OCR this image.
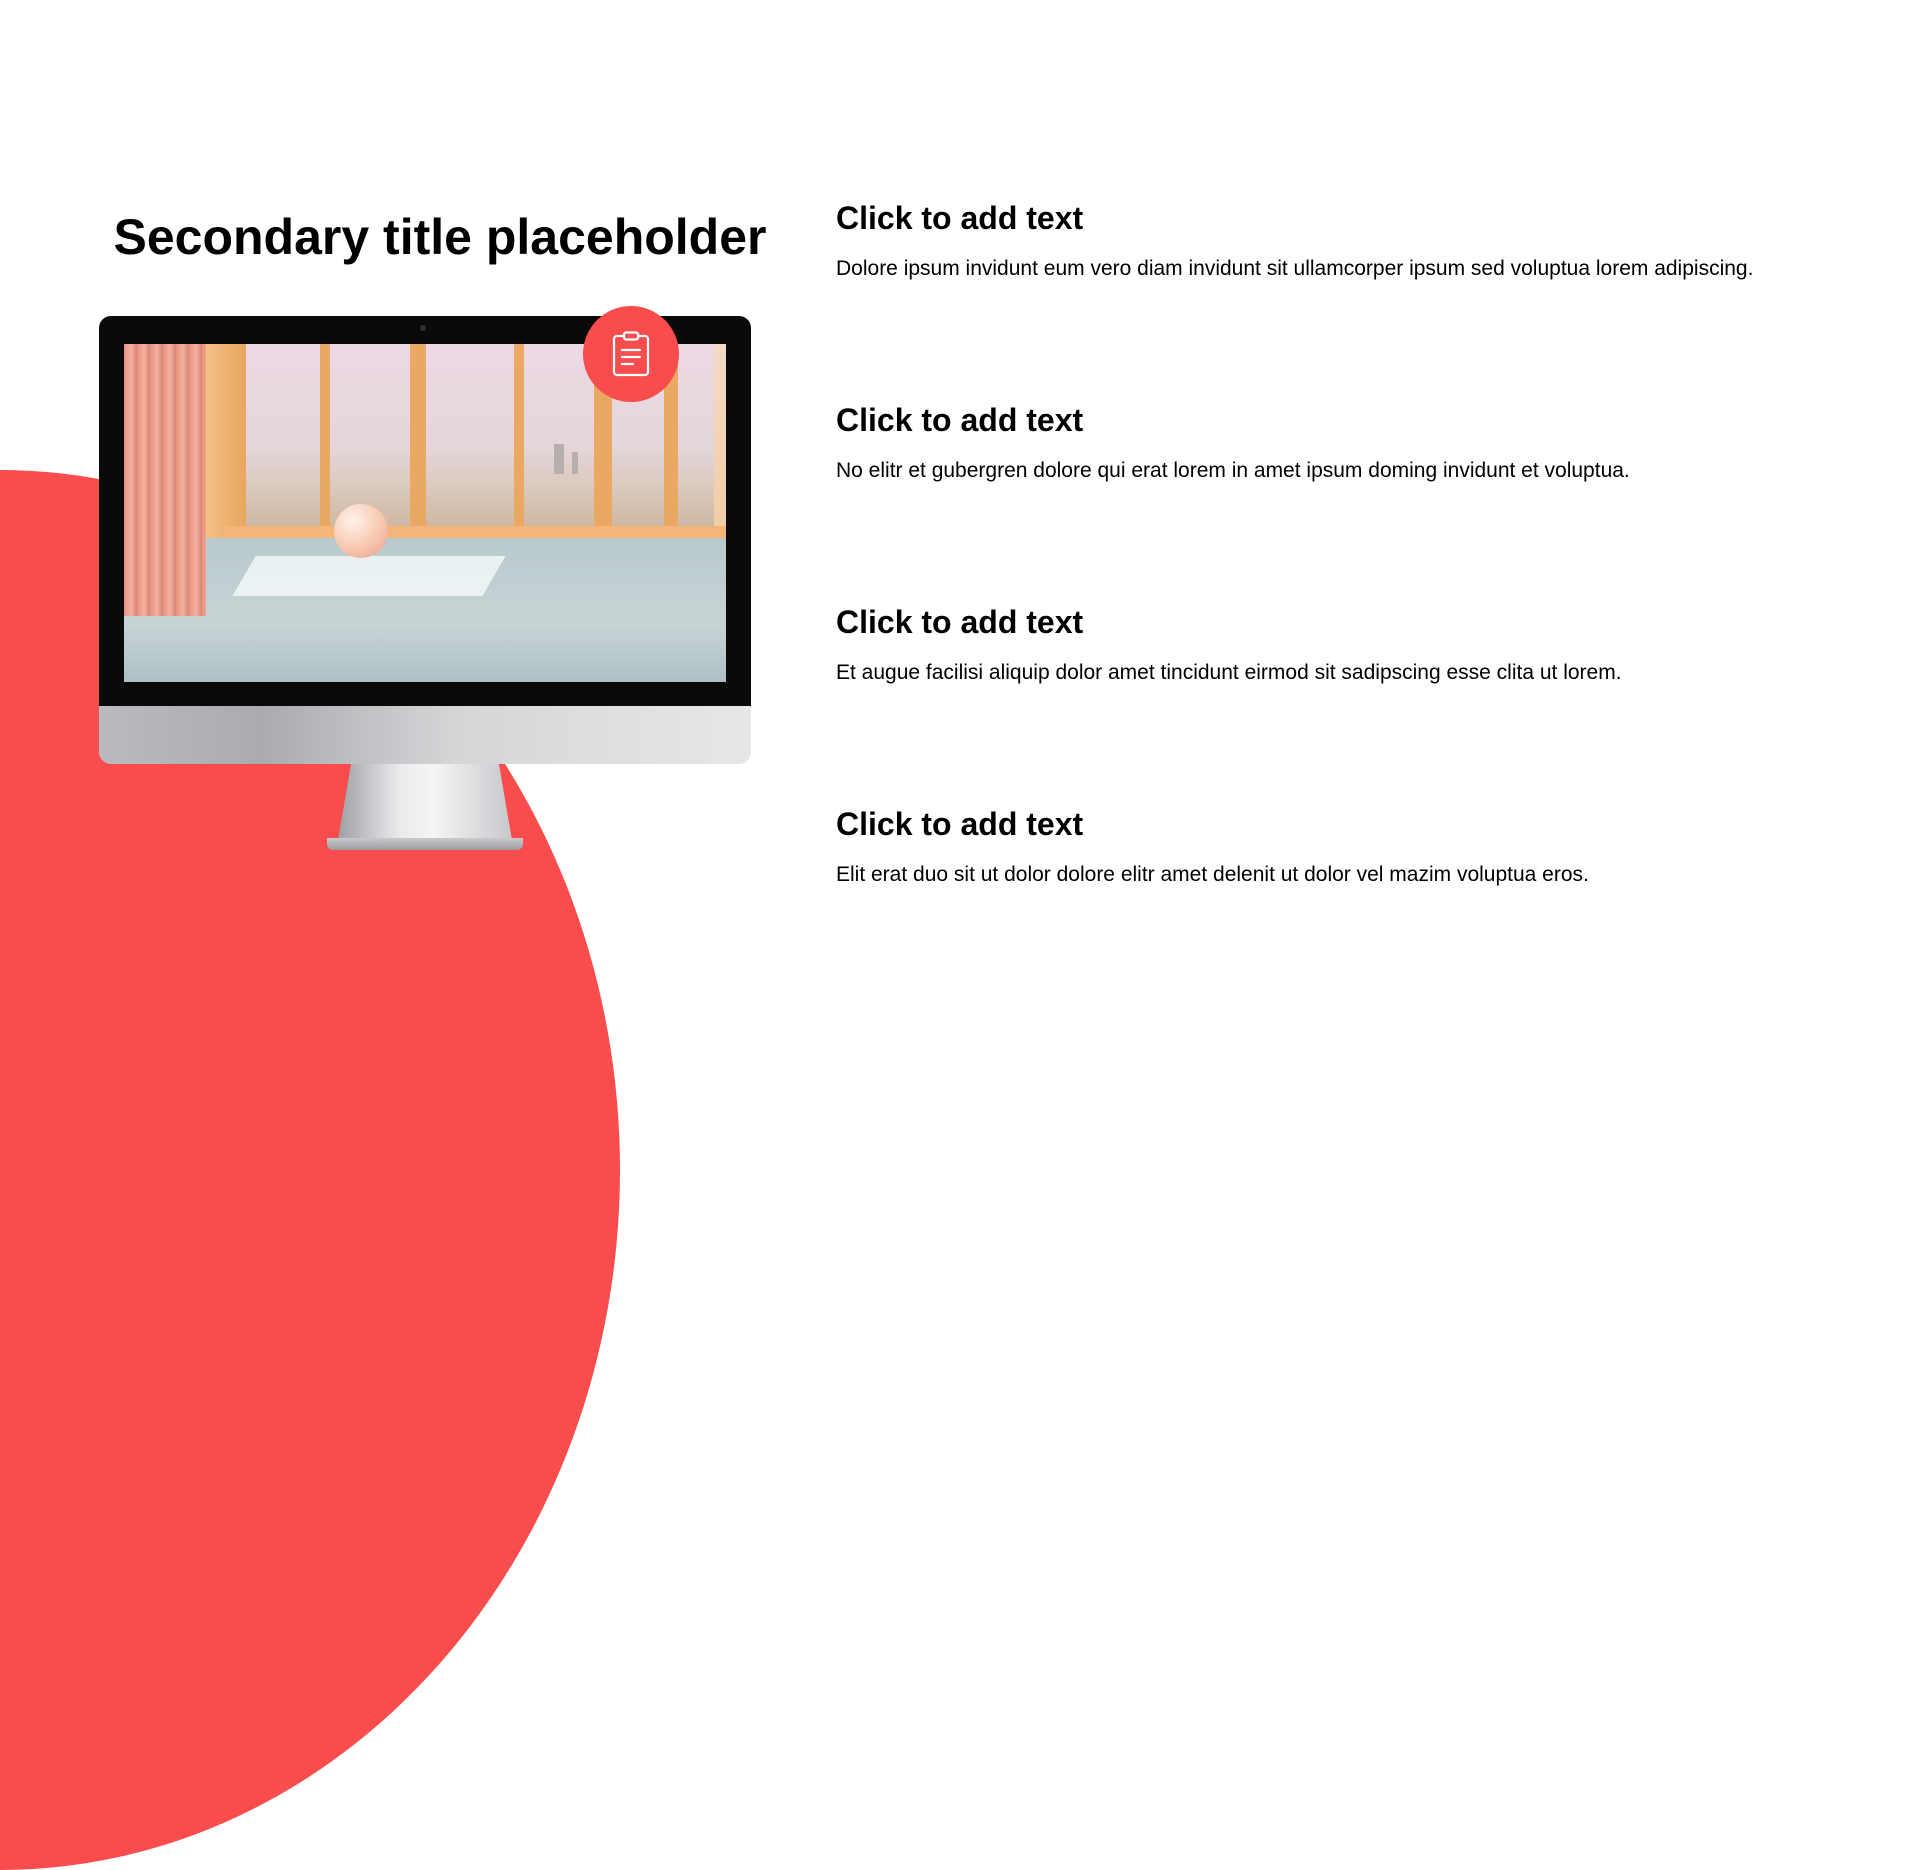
Secondary title placeholder	Click to add text

Dolore ipsum invidunt eum vero diam invidunt sit ullamcorper ipsum sed voluptua lorem adipiscing.

Click to add text

No elitr et gubergren dolore qui erat lorem in amet ipsum doming invidunt et voluptua.

Click to add text

Et augue facilisi aliquip dolor amet tincidunt eirmod sit sadipscing esse clita ut lorem.

Click to add text

Elit erat duo sit ut dolor dolore elitr amet delenit ut dolor vel mazim voluptua eros.
